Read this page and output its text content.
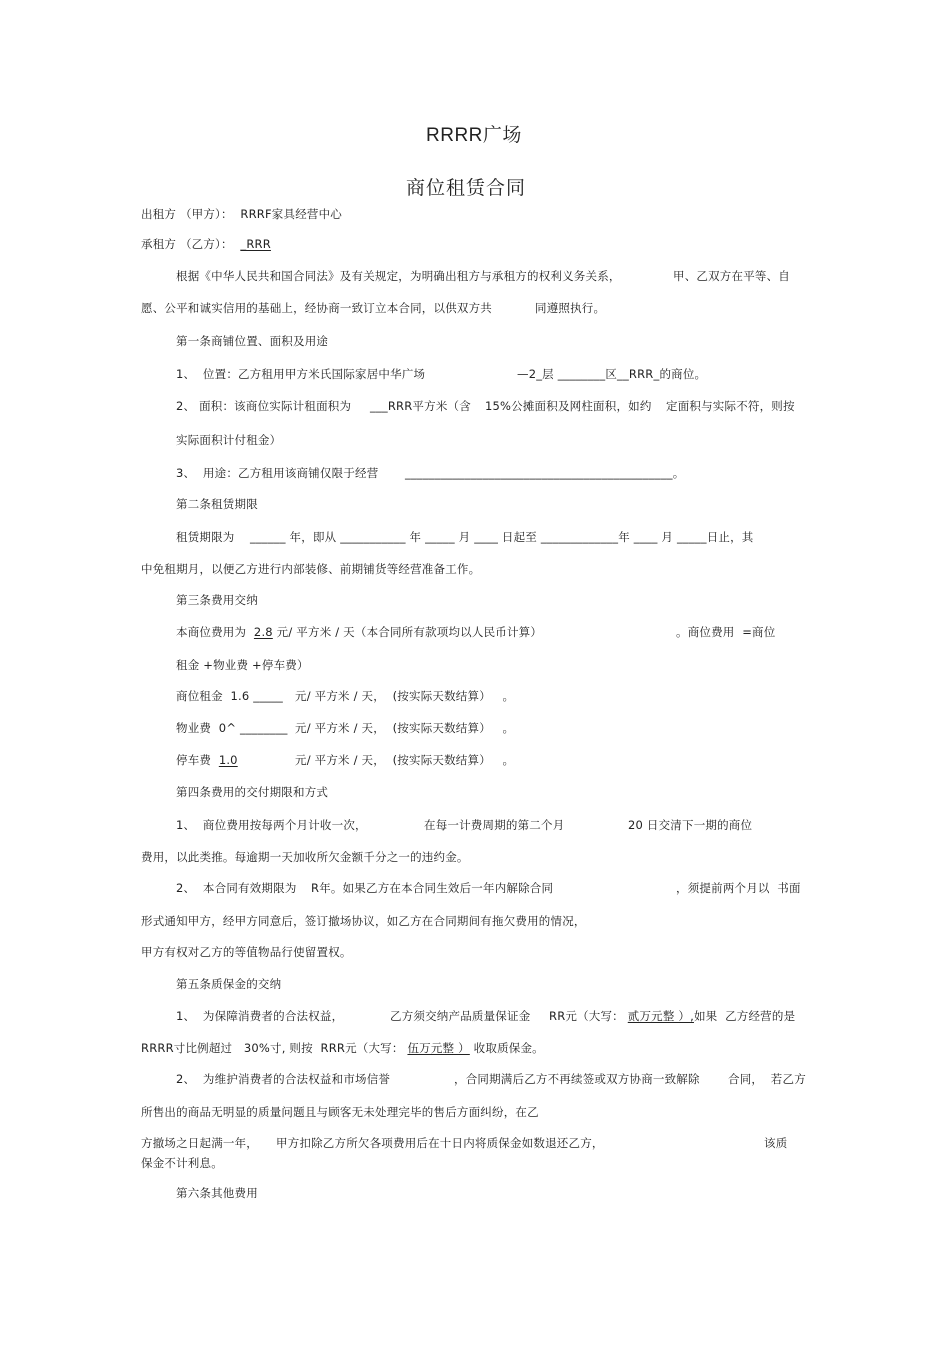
RRRR广场
商位租赁合同
出租方 （甲方）：  RRRF家具经营中心
承租方 （乙方）：  _RRR
根据《中华人民共和国合同法》及有关规定，为明确出租方与承租方的权利义务关系，	甲、乙双方在平等、自
愿、公平和诚实信用的基础上，经协商一致订立本合同，以供双方共	同遵照执行。
第一条商铺位置、面积及用途
1、  位置：乙方租用甲方米氏国际家居中华广场	—2_层 ________区__RRR_的商位。
2、 面积：该商位实际计租面积为 ___RRR平方米（含 15%公摊面积及网柱面积，如约 定面积与实际不符，则按
实际面积计付租金）
3、  用途：乙方租用该商铺仅限于经营 _____________________________________________。
第二条租赁期限
租赁期限为 ______ 年，即从 ___________ 年 _____ 月 ____ 日起至 _____________年 ____ 月 _____日止，其
中免租期月，以便乙方进行内部装修、前期铺货等经营准备工作。
第三条费用交纳
本商位费用为 2.8 元/ 平方米 / 天（本合同所有款项均以人民币计算）	。商位费用  =商位
租金 +物业费 +停车费）
商位租金  1.6 _____ 元/ 平方米 / 天，  (按实际天数结算）   。
物业费  0^ ________ 元/ 平方米 / 天，  (按实际天数结算）   。
停车费  1.0	元/ 平方米 / 天，  (按实际天数结算）   。
第四条费用的交付期限和方式
1、  商位费用按每两个月计收一次，	在每一计费周期的第二个月	20 日交清下一期的商位
费用，以此类推。每逾期一天加收所欠金额千分之一的违约金。
2、  本合同有效期限为 R年。如果乙方在本合同生效后一年内解除合同	，须提前两个月以  书面
形式通知甲方，经甲方同意后，签订撤场协议，如乙方在合同期间有拖欠费用的情况，
甲方有权对乙方的等值物品行使留置权。
第五条质保金的交纳
1、  为保障消费者的合法权益，	乙方须交纳产品质量保证金 RR元（大写： 贰万元整 ）,如果  乙方经营的是
RRRR寸比例超过   30%寸, 则按  RRR元（大写： 伍万元整 ） 收取质保金。
2、  为维护消费者的合法权益和市场信誉	，合同期满后乙方不再续签或双方协商一致解除 合同，  若乙方
所售出的商品无明显的质量问题且与顾客无未处理完毕的售后方面纠纷，在乙
方撤场之日起满一年， 甲方扣除乙方所欠各项费用后在十日内将质保金如数退还乙方，	该质
保金不计利息。
第六条其他费用
